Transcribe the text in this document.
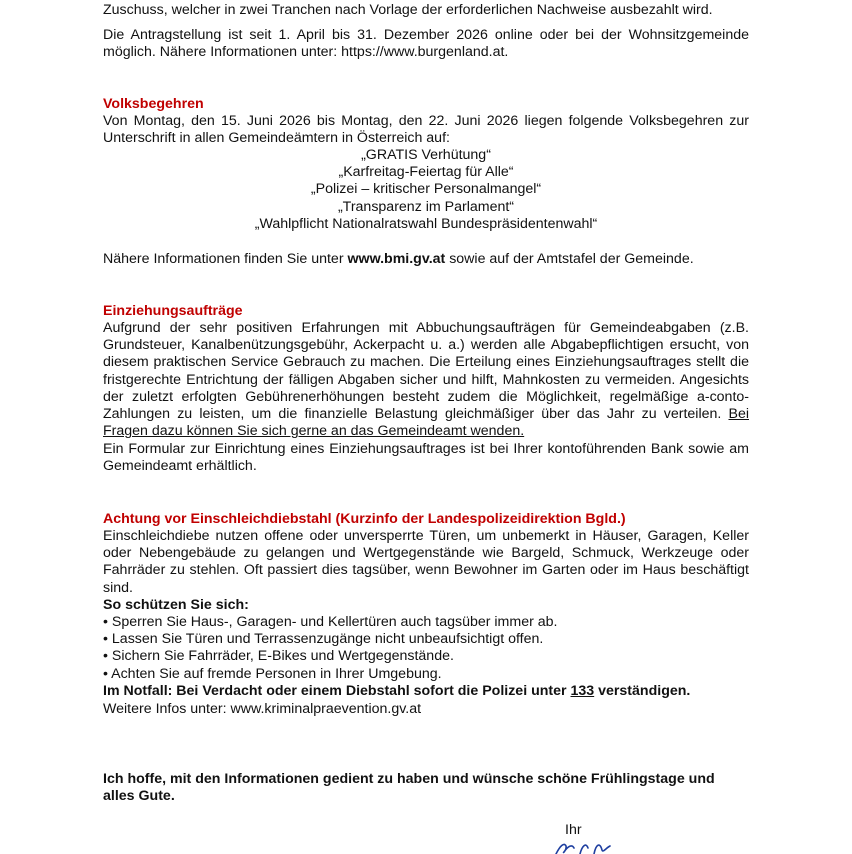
Zuschuss, welcher in zwei Tranchen nach Vorlage der erforderlichen Nachweise ausbezahlt wird.
Die Antragstellung ist seit 1. April bis 31. Dezember 2026 online oder bei der Wohnsitzgemeinde möglich. Nähere Informationen unter: https://www.burgenland.at.
Volksbegehren
Von Montag, den 15. Juni 2026 bis Montag, den 22. Juni 2026 liegen folgende Volksbegehren zur Unterschrift in allen Gemeindeämtern in Österreich auf:
„GRATIS Verhütung“
„Karfreitag-Feiertag für Alle“
„Polizei – kritischer Personalmangel“
„Transparenz im Parlament“
„Wahlpflicht Nationalratswahl Bundespräsidentenwahl“
Nähere Informationen finden Sie unter www.bmi.gv.at sowie auf der Amtstafel der Gemeinde.
Einziehungsaufträge
Aufgrund der sehr positiven Erfahrungen mit Abbuchungsaufträgen für Gemeindeabgaben (z.B. Grundsteuer, Kanalbenützungsgebühr, Ackerpacht u. a.) werden alle Abgabepflichtigen ersucht, von diesem praktischen Service Gebrauch zu machen. Die Erteilung eines Einziehungsauftrages stellt die fristgerechte Entrichtung der fälligen Abgaben sicher und hilft, Mahnkosten zu vermeiden. Angesichts der zuletzt erfolgten Gebührenerhöhungen besteht zudem die Möglichkeit, regelmäßige a-conto-Zahlungen zu leisten, um die finanzielle Belastung gleichmäßiger über das Jahr zu verteilen. Bei Fragen dazu können Sie sich gerne an das Gemeindeamt wenden.
Ein Formular zur Einrichtung eines Einziehungsauftrages ist bei Ihrer kontoführenden Bank sowie am Gemeindeamt erhältlich.
Achtung vor Einschleichdiebstahl (Kurzinfo der Landespolizeidirektion Bgld.)
Einschleichdiebe nutzen offene oder unversperrte Türen, um unbemerkt in Häuser, Garagen, Keller oder Nebengebäude zu gelangen und Wertgegenstände wie Bargeld, Schmuck, Werkzeuge oder Fahrräder zu stehlen. Oft passiert dies tagsüber, wenn Bewohner im Garten oder im Haus beschäftigt sind.
So schützen Sie sich:
• Sperren Sie Haus-, Garagen- und Kellertüren auch tagsüber immer ab.
• Lassen Sie Türen und Terrassenzugänge nicht unbeaufsichtigt offen.
• Sichern Sie Fahrräder, E-Bikes und Wertgegenstände.
• Achten Sie auf fremde Personen in Ihrer Umgebung.
Im Notfall: Bei Verdacht oder einem Diebstahl sofort die Polizei unter 133 verständigen.
Weitere Infos unter: www.kriminalpraevention.gv.at
Ich hoffe, mit den Informationen gedient zu haben und wünsche schöne Frühlingstage und alles Gute.
Ihr
